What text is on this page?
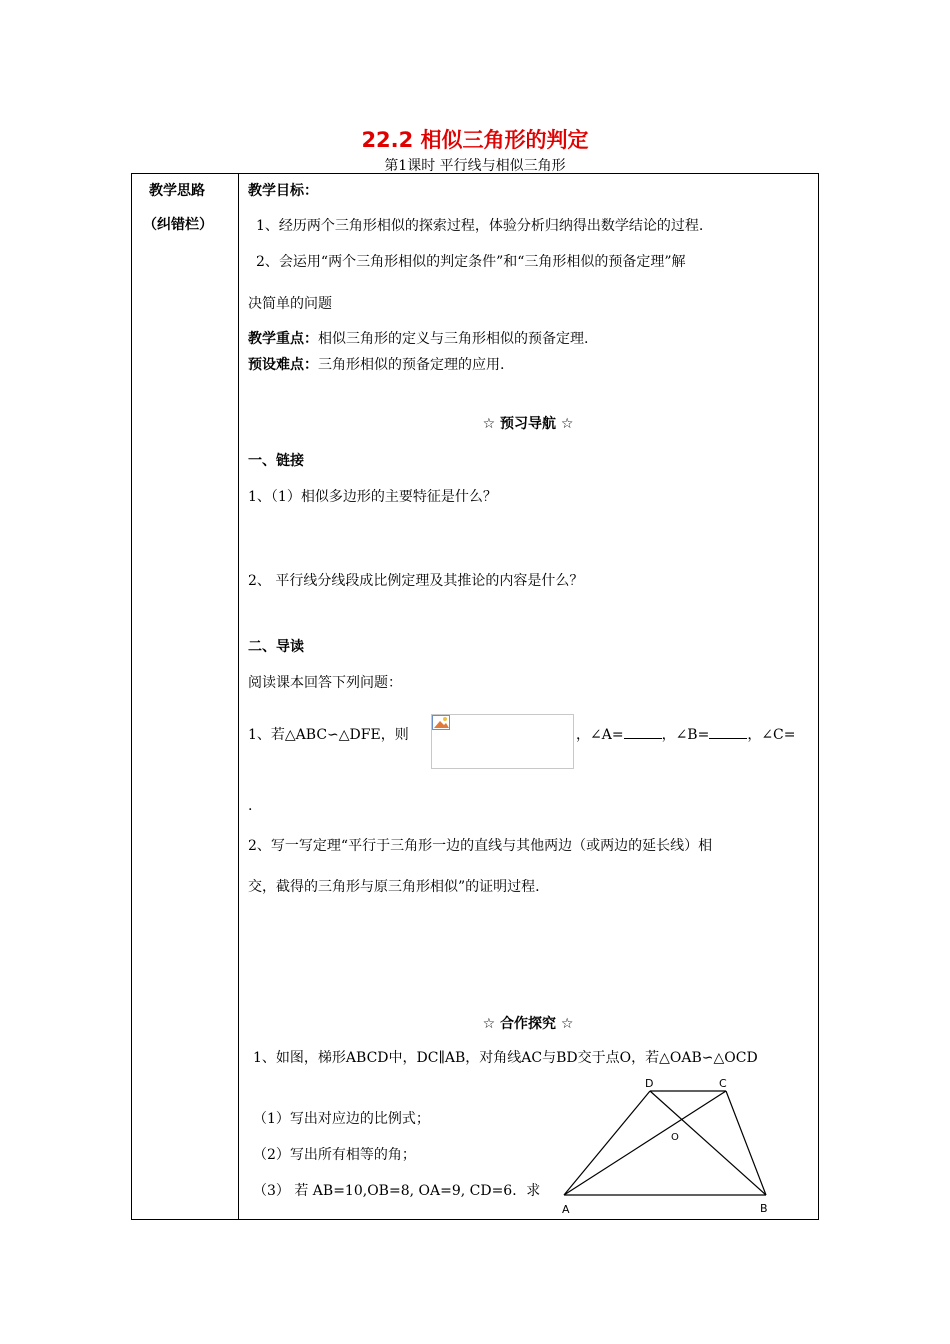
22.2 相似三角形的判定
第1课时 平行线与相似三角形
教学思路
（纠错栏）
教学目标：
1、经历两个三角形相似的探索过程，体验分析归纳得出数学结论的过程.
2、会运用“两个三角形相似的判定条件”和“三角形相似的预备定理”解
决简单的问题
教学重点：相似三角形的定义与三角形相似的预备定理.
预设难点：三角形相似的预备定理的应用.
☆ 预习导航 ☆
一、链接
1、（1）相似多边形的主要特征是什么？
2、 平行线分线段成比例定理及其推论的内容是什么？
二、导读
阅读课本回答下列问题：
1、若△ABC∽△DFE，则	，∠A=	，∠B=	，∠C=
.
2、写一写定理“平行于三角形一边的直线与其他两边（或两边的延长线）相
交，截得的三角形与原三角形相似”的证明过程.
☆ 合作探究 ☆
1、如图，梯形ABCD中，DC∥AB，对角线AC与BD交于点O，若△OAB∽△OCD
（1）写出对应边的比例式；
（2）写出所有相等的角；
（3） 若 AB=10,OB=8, OA=9, CD=6．求
D	C
O
A	B
